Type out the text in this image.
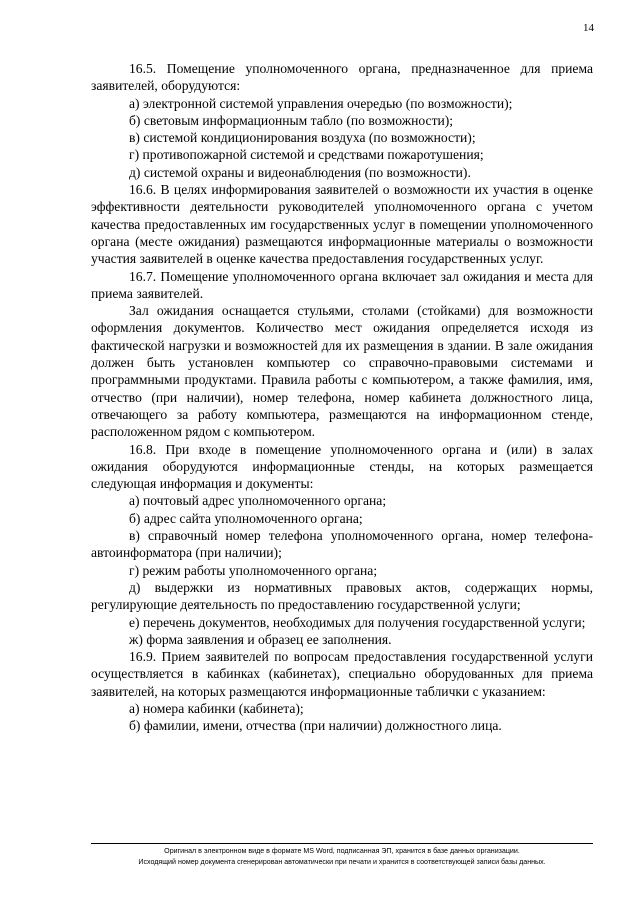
14

16.5. Помещение уполномоченного органа, предназначенное для приема заявителей, оборудуются:

а) электронной системой управления очередью (по возможности);

б) световым информационным табло (по возможности);

в) системой кондиционирования воздуха (по возможности);

г) противопожарной системой и средствами пожаротушения;

д) системой охраны и видеонаблюдения (по возможности).

16.6. В целях информирования заявителей о возможности их участия в оценке эффективности деятельности руководителей уполномоченного органа с учетом качества предоставленных им государственных услуг в помещении уполномоченного органа (месте ожидания) размещаются информационные материалы о возможности участия заявителей в оценке качества предоставления государственных услуг.

16.7. Помещение уполномоченного органа включает зал ожидания и места для приема заявителей.

Зал ожидания оснащается стульями, столами (стойками) для возможности оформления документов. Количество мест ожидания определяется исходя из фактической нагрузки и возможностей для их размещения в здании. В зале ожидания должен быть установлен компьютер со справочно-правовыми системами и программными продуктами. Правила работы с компьютером, а также фамилия, имя, отчество (при наличии), номер телефона, номер кабинета должностного лица, отвечающего за работу компьютера, размещаются на информационном стенде, расположенном рядом с компьютером.

16.8. При входе в помещение уполномоченного органа и (или) в залах ожидания оборудуются информационные стенды, на которых размещается следующая информация и документы:

а) почтовый адрес уполномоченного органа;

б) адрес сайта уполномоченного органа;

в) справочный номер телефона уполномоченного органа, номер телефона-автоинформатора (при наличии);

г) режим работы уполномоченного органа;

д) выдержки из нормативных правовых актов, содержащих нормы, регулирующие деятельность по предоставлению государственной услуги;

е) перечень документов, необходимых для получения государственной услуги;

ж) форма заявления и образец ее заполнения.

16.9. Прием заявителей по вопросам предоставления государственной услуги осуществляется в кабинках (кабинетах), специально оборудованных для приема заявителей, на которых размещаются информационные таблички с указанием:

а) номера кабинки (кабинета);

б) фамилии, имени, отчества (при наличии) должностного лица.

Оригинал в электронном виде в формате MS Word, подписанная ЭП, хранится в базе данных организации.
Исходящий номер документа сгенерирован автоматически при печати и хранится в соответствующей записи базы данных.
